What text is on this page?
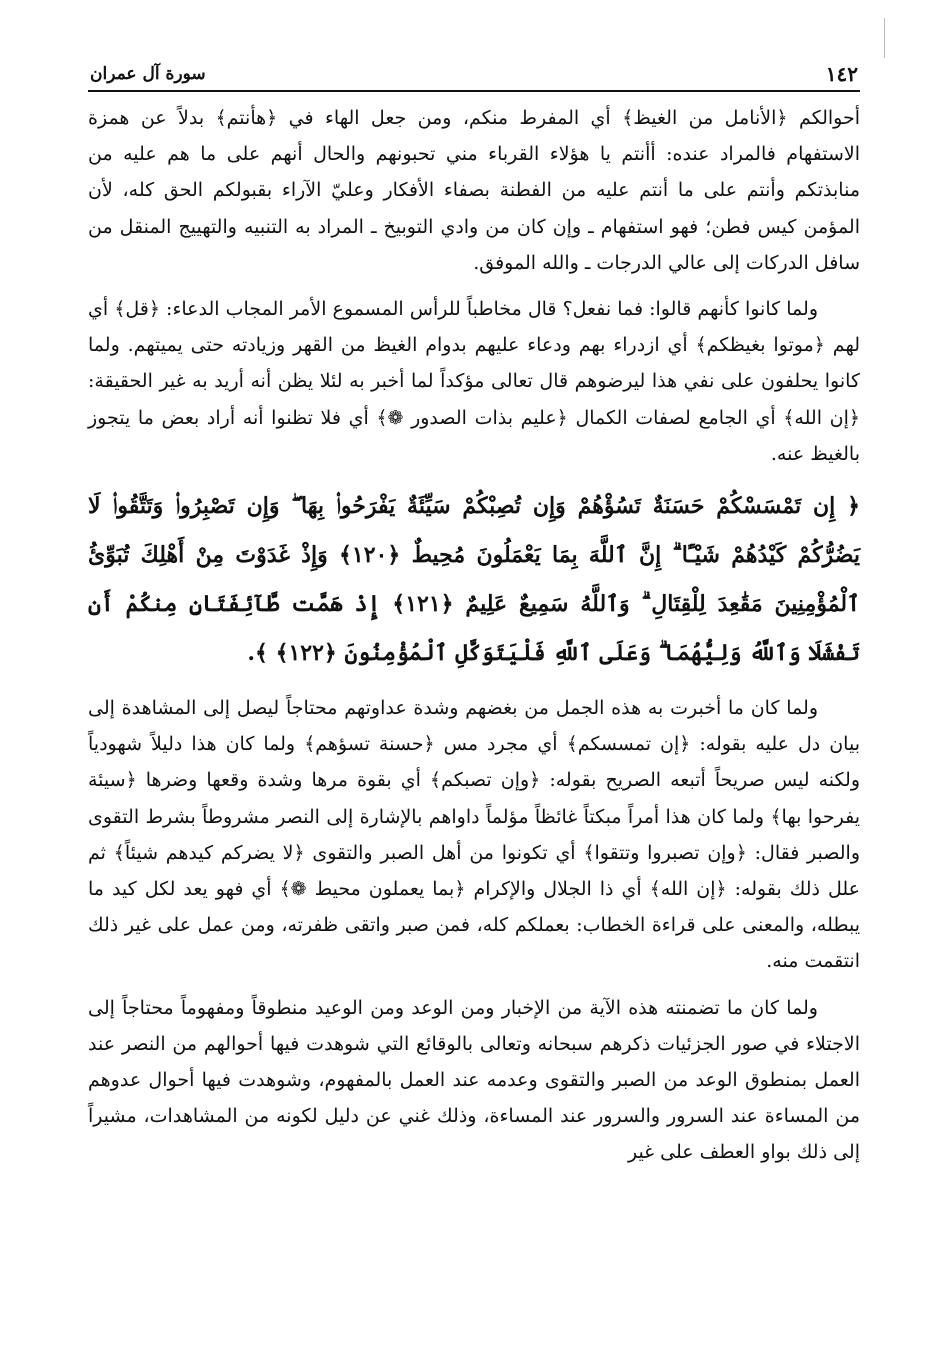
١٤٢
سورة آل عمران

أحوالكم ﴿الأنامل من الغيظ﴾ أي المفرط منكم، ومن جعل الهاء في ﴿هأنتم﴾ بدلاً عن همزة الاستفهام فالمراد عنده: أأنتم يا هؤلاء القرباء مني تحبونهم والحال أنهم على ما هم عليه من منابذتكم وأنتم على ما أنتم عليه من الفطنة بصفاء الأفكار وعليّ الآراء بقبولكم الحق كله، لأن المؤمن كيس فطن؛ فهو استفهام ـ وإن كان من وادي التوبيخ ـ المراد به التنبيه والتهييج المنقل من سافل الدركات إلى عالي الدرجات ـ والله الموفق.

ولما كانوا كأنهم قالوا: فما نفعل؟ قال مخاطباً للرأس المسموع الأمر المجاب الدعاء: ﴿قل﴾ أي لهم ﴿موتوا بغيظكم﴾ أي ازدراء بهم ودعاء عليهم بدوام الغيظ من القهر وزيادته حتى يميتهم. ولما كانوا يحلفون على نفي هذا ليرضوهم قال تعالى مؤكداً لما أخبر به لئلا يظن أنه أريد به غير الحقيقة: ﴿إن الله﴾ أي الجامع لصفات الكمال ﴿عليم بذات الصدور ❁﴾ أي فلا تظنوا أنه أراد بعض ما يتجوز بالغيظ عنه.

﴿ إِن تَمْسَسْكُمْ حَسَنَةٌ تَسُؤْهُمْ وَإِن تُصِبْكُمْ سَيِّئَةٌ يَفْرَحُوا۟ بِهَا ۖ وَإِن تَصْبِرُوا۟ وَتَتَّقُوا۟ لَا يَضُرُّكُمْ كَيْدُهُمْ شَيْـًٔا ۗ إِنَّ ٱللَّهَ بِمَا يَعْمَلُونَ مُحِيطٌ ﴿١٢٠﴾ وَإِذْ غَدَوْتَ مِنْ أَهْلِكَ تُبَوِّئُ ٱلْمُؤْمِنِينَ مَقَٰعِدَ لِلْقِتَالِ ۗ وَٱللَّهُ سَمِيعٌ عَلِيمٌ ﴿١٢١﴾ إِذْ هَمَّت طَّآئِفَتَانِ مِنكُمْ أَن تَفْشَلَا وَٱللَّهُ وَلِيُّهُمَا ۗ وَعَلَى ٱللَّهِ فَلْيَتَوَكَّلِ ٱلْمُؤْمِنُونَ ﴿١٢٢﴾ ﴾.

ولما كان ما أخبرت به هذه الجمل من بغضهم وشدة عداوتهم محتاجاً ليصل إلى المشاهدة إلى بيان دل عليه بقوله: ﴿إن تمسسكم﴾ أي مجرد مس ﴿حسنة تسؤهم﴾ ولما كان هذا دليلاً شهودياً ولكنه ليس صريحاً أتبعه الصريح بقوله: ﴿وإن تصبكم﴾ أي بقوة مرها وشدة وقعها وضرها ﴿سيئة يفرحوا بها﴾ ولما كان هذا أمراً مبكتاً غائظاً مؤلماً داواهم بالإشارة إلى النصر مشروطاً بشرط التقوى والصبر فقال: ﴿وإن تصبروا وتتقوا﴾ أي تكونوا من أهل الصبر والتقوى ﴿لا يضركم كيدهم شيئاً﴾ ثم علل ذلك بقوله: ﴿إن الله﴾ أي ذا الجلال والإكرام ﴿بما يعملون محيط ❁﴾ أي فهو يعد لكل كيد ما يبطله، والمعنى على قراءة الخطاب: بعملكم كله، فمن صبر واتقى ظفرته، ومن عمل على غير ذلك انتقمت منه.

ولما كان ما تضمنته هذه الآية من الإخبار ومن الوعد ومن الوعيد منطوقاً ومفهوماً محتاجاً إلى الاجتلاء في صور الجزئيات ذكرهم سبحانه وتعالى بالوقائع التي شوهدت فيها أحوالهم من النصر عند العمل بمنطوق الوعد من الصبر والتقوى وعدمه عند العمل بالمفهوم، وشوهدت فيها أحوال عدوهم من المساءة عند السرور والسرور عند المساءة، وذلك غني عن دليل لكونه من المشاهدات، مشيراً إلى ذلك بواو العطف على غير
